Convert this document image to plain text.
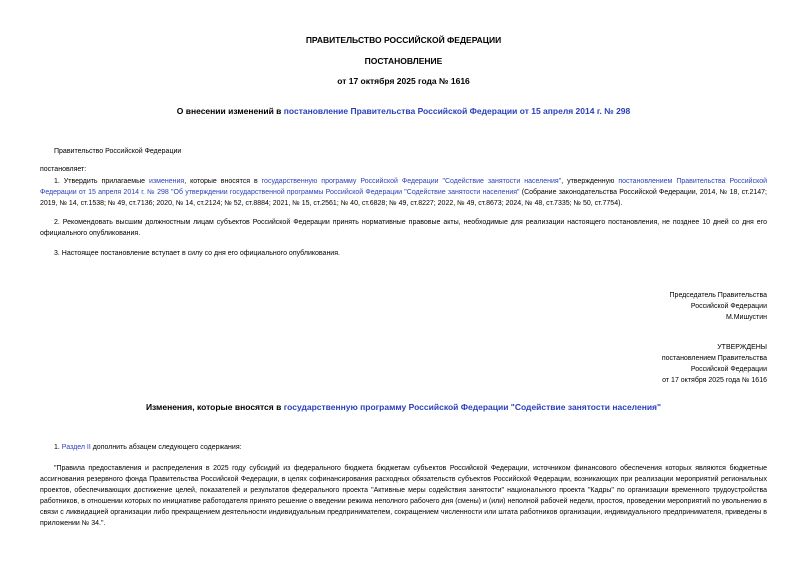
ПРАВИТЕЛЬСТВО РОССИЙСКОЙ ФЕДЕРАЦИИ
ПОСТАНОВЛЕНИЕ
от 17 октября 2025 года № 1616
О внесении изменений в постановление Правительства Российской Федерации от 15 апреля 2014 г. № 298
Правительство Российской Федерации
постановляет:
1. Утвердить прилагаемые изменения, которые вносятся в государственную программу Российской Федерации "Содействие занятости населения", утвержденную постановлением Правительства Российской Федерации от 15 апреля 2014 г. № 298 "Об утверждении государственной программы Российской Федерации "Содействие занятости населения" (Собрание законодательства Российской Федерации, 2014, № 18, ст.2147; 2019, № 14, ст.1538; № 49, ст.7136; 2020, № 14, ст.2124; № 52, ст.8884; 2021, № 15, ст.2561; № 40, ст.6828; № 49, ст.8227; 2022, № 49, ст.8673; 2024, № 48, ст.7335; № 50, ст.7754).
2. Рекомендовать высшим должностным лицам субъектов Российской Федерации принять нормативные правовые акты, необходимые для реализации настоящего постановления, не позднее 10 дней со дня его официального опубликования.
3. Настоящее постановление вступает в силу со дня его официального опубликования.
Председатель Правительства
Российской Федерации
М.Мишустин
УТВЕРЖДЕНЫ
постановлением Правительства
Российской Федерации
от 17 октября 2025 года № 1616
Изменения, которые вносятся в государственную программу Российской Федерации "Содействие занятости населения"
1. Раздел II дополнить абзацем следующего содержания:
"Правила предоставления и распределения в 2025 году субсидий из федерального бюджета бюджетам субъектов Российской Федерации, источником финансового обеспечения которых являются бюджетные ассигнования резервного фонда Правительства Российской Федерации, в целях софинансирования расходных обязательств субъектов Российской Федерации, возникающих при реализации мероприятий региональных проектов, обеспечивающих достижение целей, показателей и результатов федерального проекта "Активные меры содействия занятости" национального проекта "Кадры" по организации временного трудоустройства работников, в отношении которых по инициативе работодателя принято решение о введении режима неполного рабочего дня (смены) и (или) неполной рабочей недели, простоя, проведении мероприятий по увольнению в связи с ликвидацией организации либо прекращением деятельности индивидуальным предпринимателем, сокращением численности или штата работников организации, индивидуального предпринимателя, приведены в приложении № 34.".
